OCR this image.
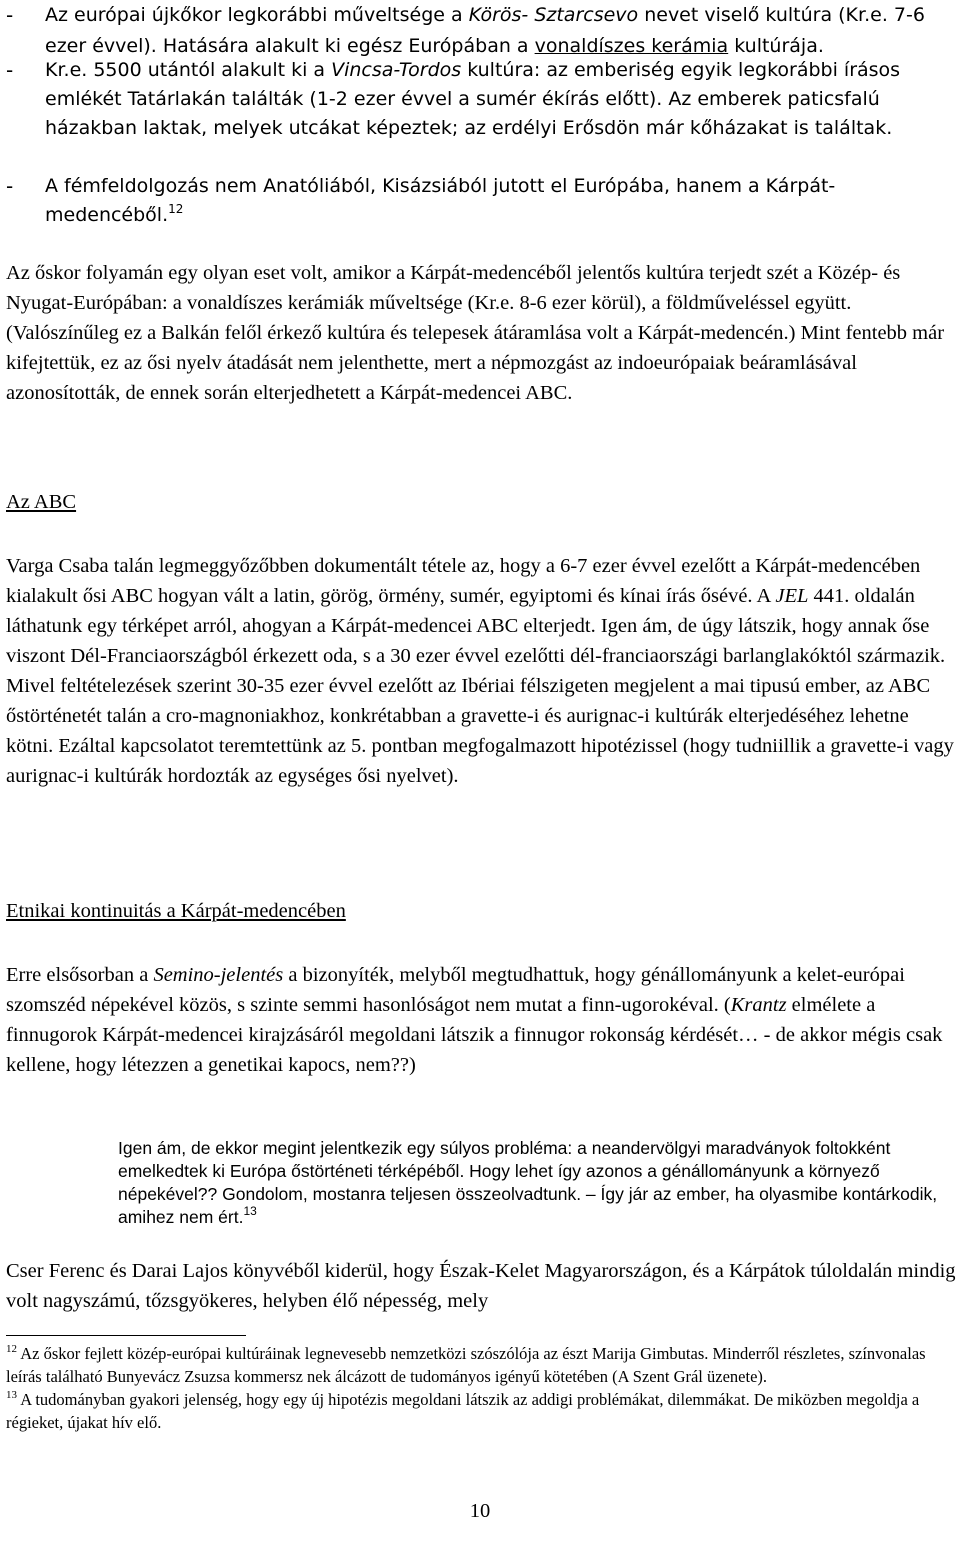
- Az európai újkőkor legkorábbi műveltsége a Körös- Sztarcsevo nevet viselő kultúra (Kr.e. 7-6 ezer évvel). Hatására alakult ki egész Európában a vonaldíszes kerámia kultúrája.
- Kr.e. 5500 utántól alakult ki a Vincsa-Tordos kultúra: az emberiség egyik legkorábbi írásos emlékét Tatárlakán találták (1-2 ezer évvel a sumér ékírás előtt). Az emberek paticsfalú házakban laktak, melyek utcákat képeztek; az erdélyi Erősdön már kőházakat is találtak.
- A fémfeldolgozás nem Anatóliából, Kisázsiából jutott el Európába, hanem a Kárpát-medencéből.$^{12}$
Az őskor folyamán egy olyan eset volt, amikor a Kárpát-medencéből jelentős kultúra terjedt szét a Közép- és Nyugat-Európában: a vonaldíszes kerámiák műveltsége (Kr.e. 8-6 ezer körül), a földműveléssel együtt. (Valószínűleg ez a Balkán felől érkező kultúra és telepesek átáramlása volt a Kárpát-medencén.) Mint fentebb már kifejtettük, ez az ősi nyelv átadását nem jelenthette, mert a népmozgást az indoeurópaiak beáramlásával azonosították, de ennek során elterjedhetett a Kárpát-medencei ABC.
Az ABC
Varga Csaba talán legmeggyőzőbben dokumentált tétele az, hogy a 6-7 ezer évvel ezelőtt a Kárpát-medencében kialakult ősi ABC hogyan vált a latin, görög, örmény, sumér, egyiptomi és kínai írás ősévé. A JEL 441. oldalán láthatunk egy térképet arról, ahogyan a Kárpát-medencei ABC elterjedt. Igen ám, de úgy látszik, hogy annak őse viszont Dél-Franciaországból érkezett oda, s a 30 ezer évvel ezelőtti dél-franciaországi barlanglakóktól származik. Mivel feltételezések szerint 30-35 ezer évvel ezelőtt az Ibériai félszigeten megjelent a mai tipusú ember, az ABC őstörténetét talán a cro-magnoniakhoz, konkrétabban a gravette-i és aurignac-i kultúrák elterjedéséhez lehetne kötni. Ezáltal kapcsolatot teremtettünk az 5. pontban megfogalmazott hipotézissel (hogy tudniillik a gravette-i vagy aurignac-i kultúrák hordozták az egységes ősi nyelvet).
Etnikai kontinuitás a Kárpát-medencében
Erre elsősorban a Semino-jelentés a bizonyíték, melyből megtudhattuk, hogy génállományunk a kelet-európai szomszéd népekével közös, s szinte semmi hasonlóságot nem mutat a finn-ugorokéval. (Krantz elmélete a finnugorok Kárpát-medencei kirajzásáról megoldani látszik a finnugor rokonság kérdését… - de akkor mégis csak kellene, hogy létezzen a genetikai kapocs, nem??)
Igen ám, de ekkor megint jelentkezik egy súlyos probléma: a neandervölgyi maradványok foltokként emelkedtek ki Európa őstörténeti térképéből. Hogy lehet így azonos a génállományunk a környező népekével?? Gondolom, mostanra teljesen összeolvadtunk. – Így jár az ember, ha olyasmibe kontárkodik, amihez nem ért.$^{13}$
Cser Ferenc és Darai Lajos könyvéből kiderül, hogy Észak-Kelet Magyarországon, és a Kárpátok túloldalán mindig volt nagyszámú, tőzsgyökeres, helyben élő népesség, mely
$^{12}$ Az őskor fejlett közép-európai kultúráinak legnevesebb nemzetközi szószólója az észt Marija Gimbutas. Minderről részletes, színvonalas leírás található Bunyevácz Zsuzsa kommersz nek álcázott de tudományos igényű kötetében (A Szent Grál üzenete).
$^{13}$ A tudományban gyakori jelenség, hogy egy új hipotézis megoldani látszik az addigi problémákat, dilemmákat. De miközben megoldja a régieket, újakat hív elő.
10
